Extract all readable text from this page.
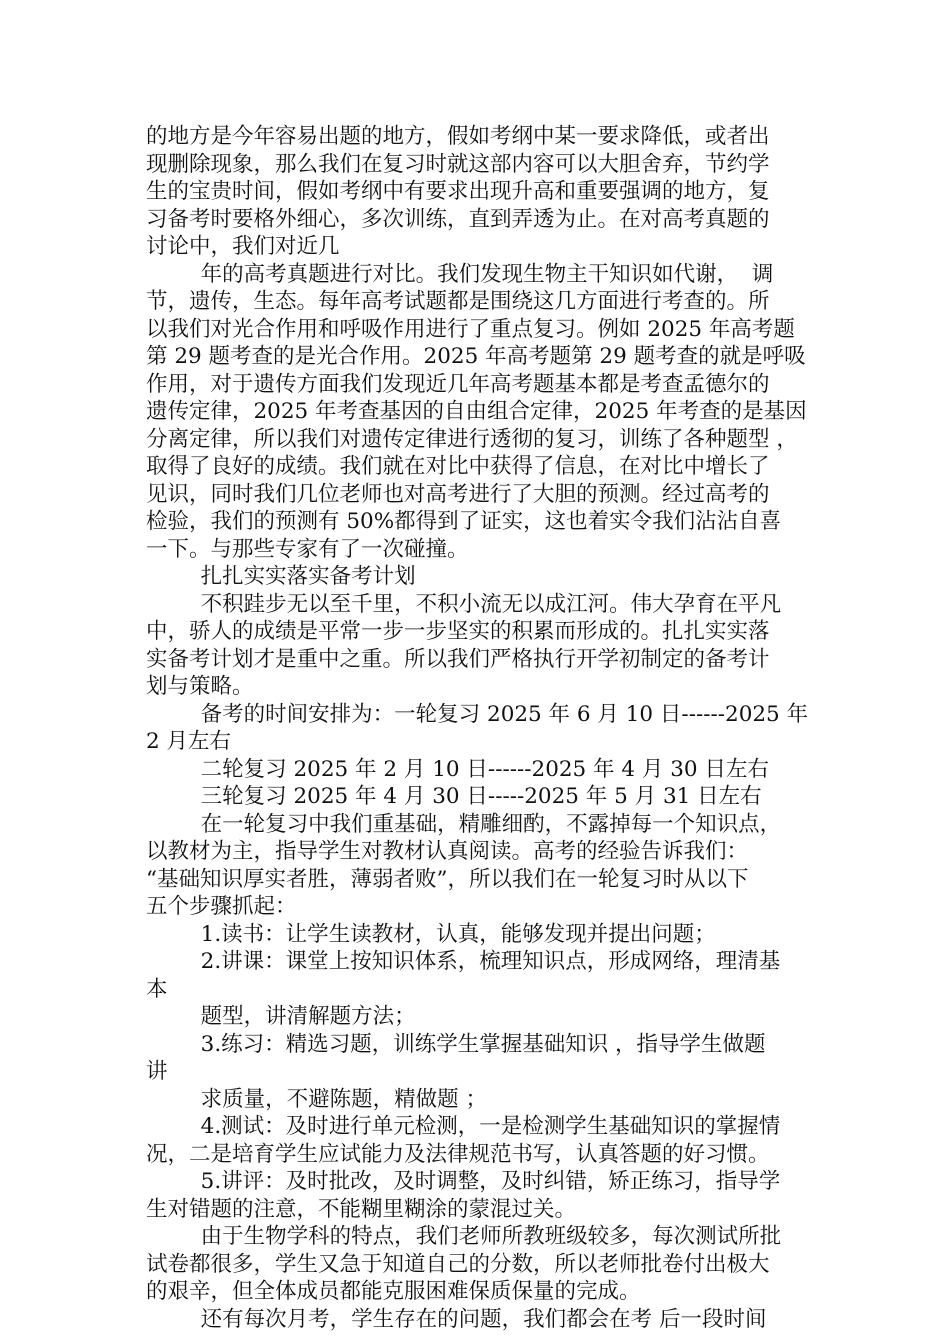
的地方是今年容易出题的地方，假如考纲中某一要求降低，或者出
现删除现象，那么我们在复习时就这部内容可以大胆舍弃，节约学
生的宝贵时间，假如考纲中有要求出现升高和重要强调的地方，复
习备考时要格外细心，多次训练，直到弄透为止。在对高考真题的
讨论中，我们对近几
年的高考真题进行对比。我们发现生物主干知识如代谢，  调
节，遗传，生态。每年高考试题都是围绕这几方面进行考查的。所
以我们对光合作用和呼吸作用进行了重点复习。例如 2025 年高考题
第 29 题考查的是光合作用。2025 年高考题第 29 题考查的就是呼吸
作用，对于遗传方面我们发现近几年高考题基本都是考查孟德尔的
遗传定律，2025 年考查基因的自由组合定律，2025 年考查的是基因
分离定律，所以我们对遗传定律进行透彻的复习，训练了各种题型 ，
取得了良好的成绩。我们就在对比中获得了信息，在对比中增长了
见识，同时我们几位老师也对高考进行了大胆的预测。经过高考的
检验，我们的预测有 50%都得到了证实，这也着实令我们沾沾自喜
一下。与那些专家有了一次碰撞。
扎扎实实落实备考计划
不积跬步无以至千里，不积小流无以成江河。伟大孕育在平凡
中，骄人的成绩是平常一步一步坚实的积累而形成的。扎扎实实落
实备考计划才是重中之重。所以我们严格执行开学初制定的备考计
划与策略。
备考的时间安排为：一轮复习 2025 年 6 月 10 日------2025 年
2 月左右
二轮复习 2025 年 2 月 10 日------2025 年 4 月 30 日左右
三轮复习 2025 年 4 月 30 日-----2025 年 5 月 31 日左右
在一轮复习中我们重基础，精雕细酌，不露掉每一个知识点，
以教材为主，指导学生对教材认真阅读。高考的经验告诉我们：
“基础知识厚实者胜，薄弱者败”，所以我们在一轮复习时从以下
五个步骤抓起：
1.读书：让学生读教材，认真，能够发现并提出问题；
2.讲课：课堂上按知识体系，梳理知识点，形成网络，理清基
本
题型，讲清解题方法；
3.练习：精选习题，训练学生掌握基础知识 ，指导学生做题
讲
求质量，不避陈题，精做题 ；
4.测试：及时进行单元检测，一是检测学生基础知识的掌握情
况，二是培育学生应试能力及法律规范书写，认真答题的好习惯。
5.讲评：及时批改，及时调整，及时纠错，矫正练习，指导学
生对错题的注意，不能糊里糊涂的蒙混过关。
由于生物学科的特点，我们老师所教班级较多，每次测试所批
试卷都很多，学生又急于知道自己的分数，所以老师批卷付出极大
的艰辛，但全体成员都能克服困难保质保量的完成。
还有每次月考，学生存在的问题，我们都会在考 后一段时间
